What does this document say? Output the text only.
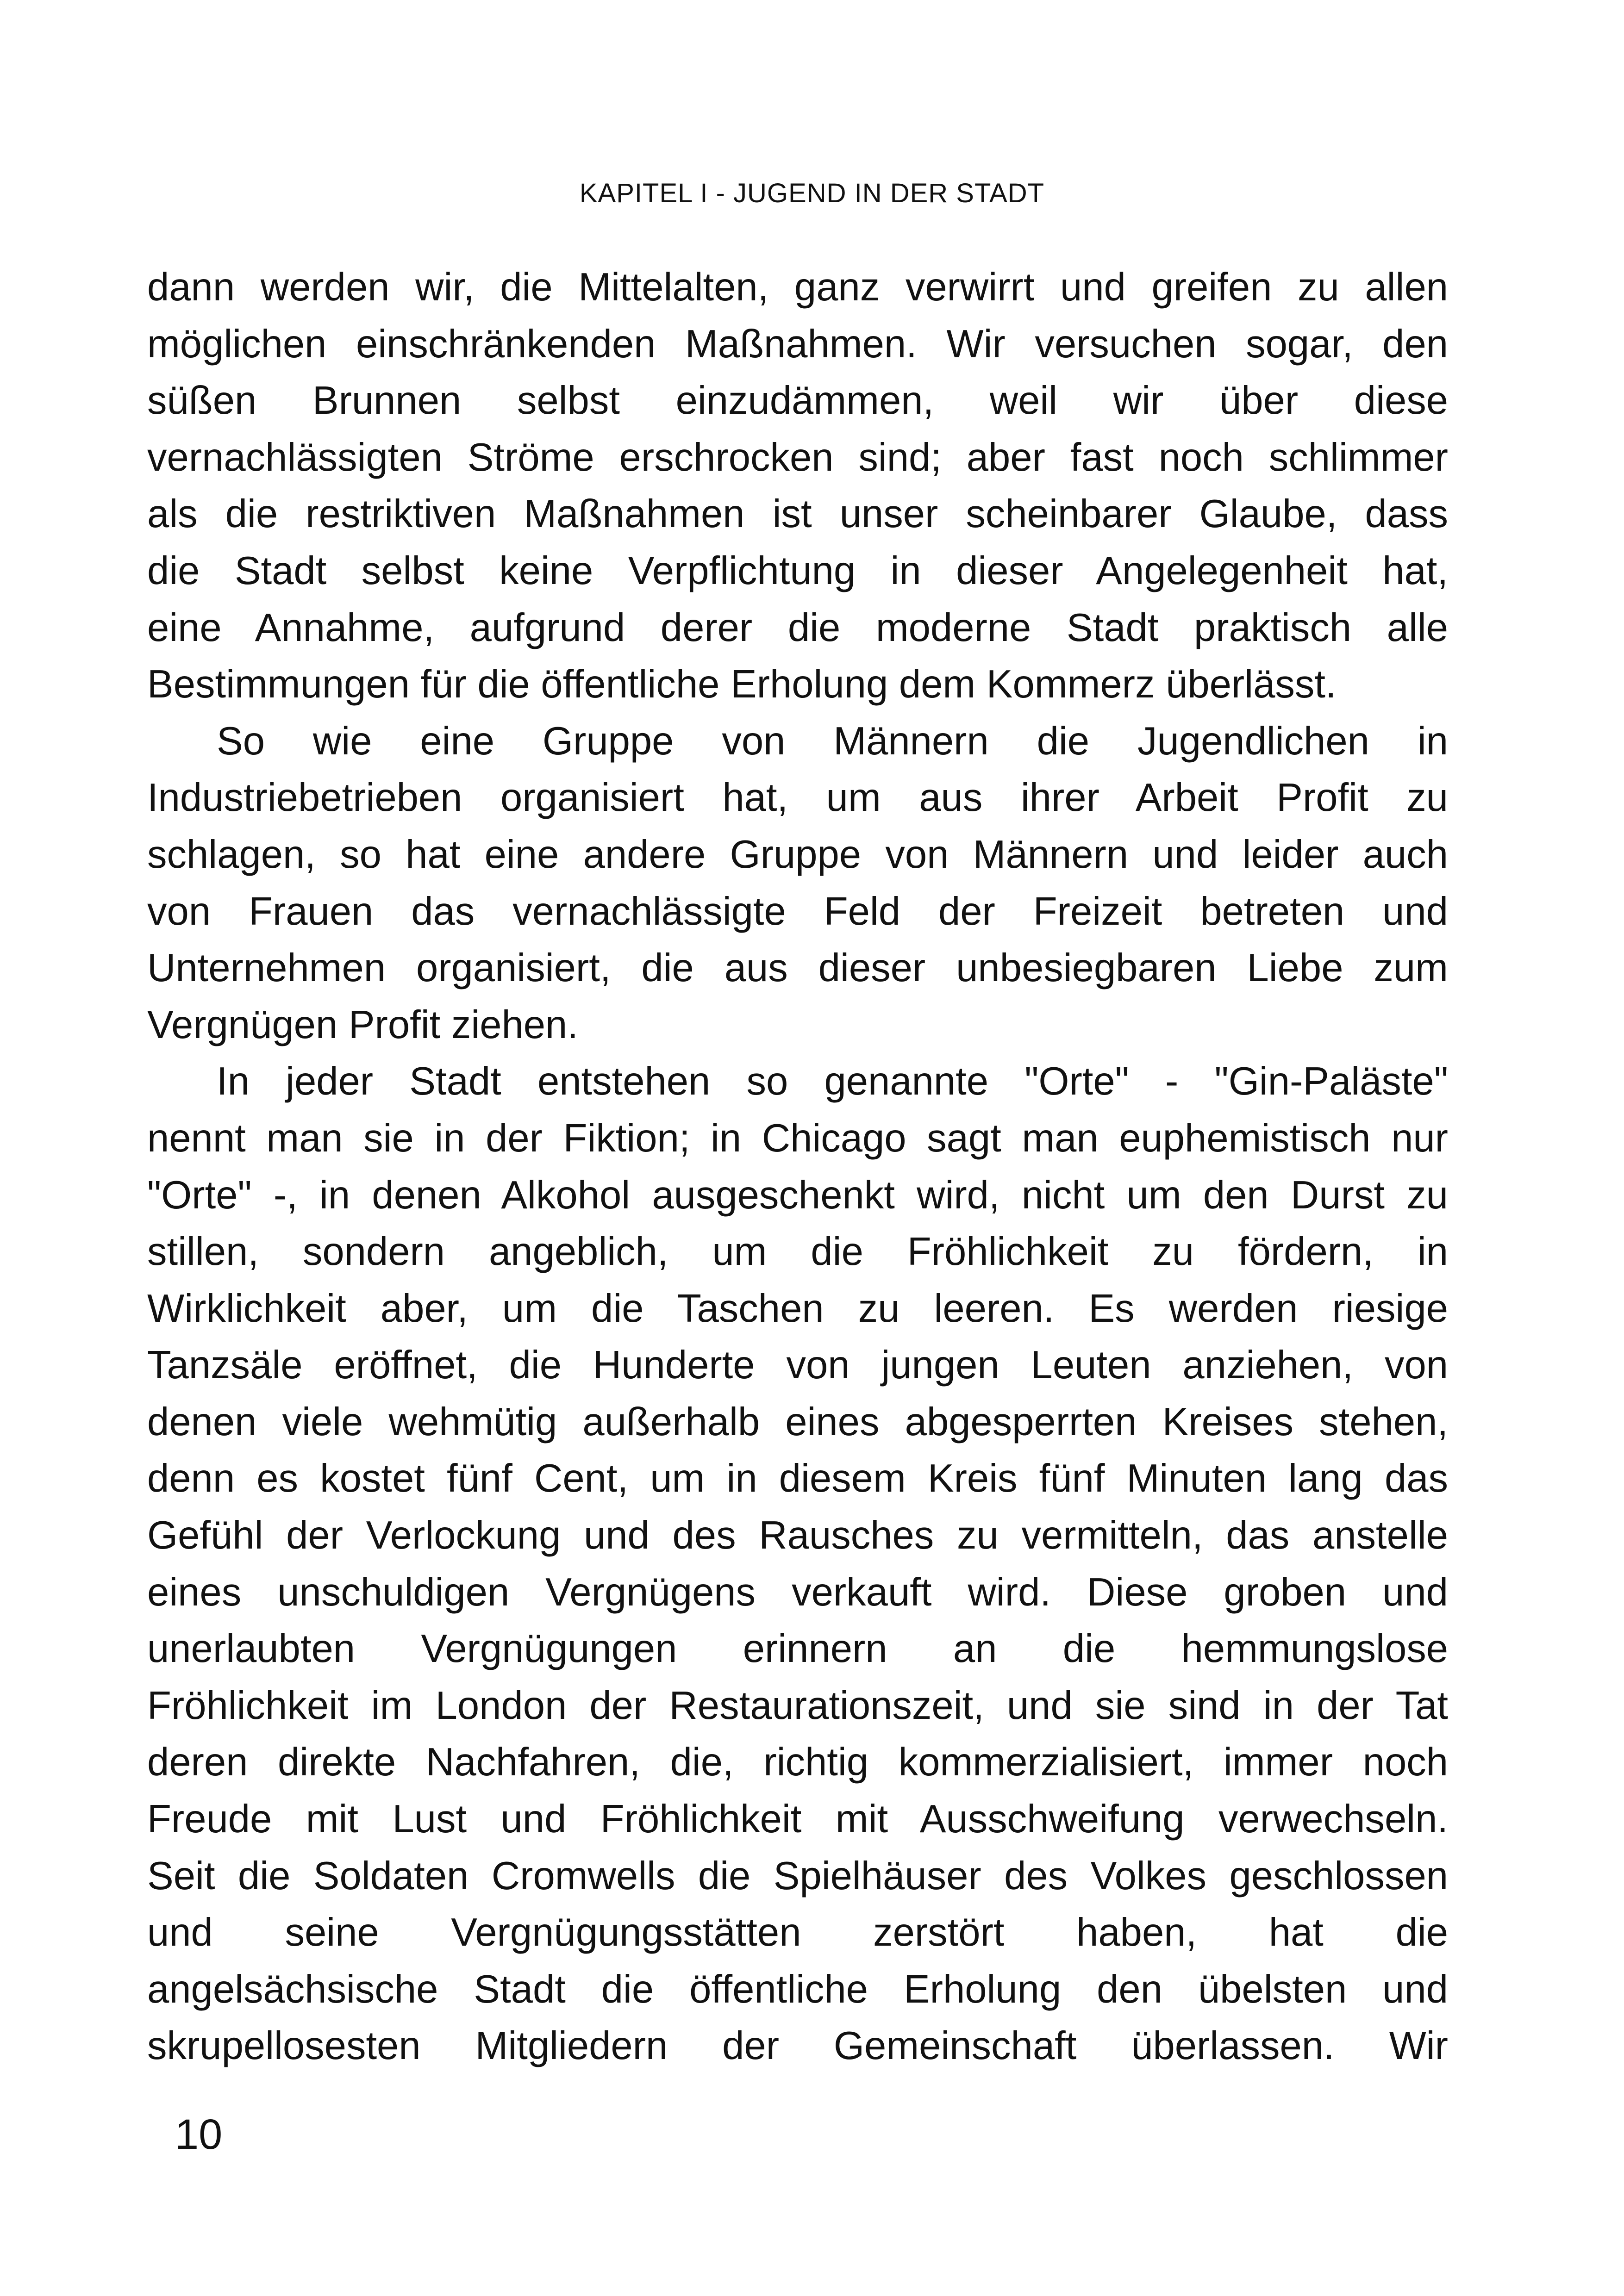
KAPITEL I - JUGEND IN DER STADT
dann werden wir, die Mittelalten, ganz verwirrt und greifen zu allen
möglichen einschränkenden Maßnahmen. Wir versuchen sogar, den
süßen Brunnen selbst einzudämmen, weil wir über diese
vernachlässigten Ströme erschrocken sind; aber fast noch schlimmer
als die restriktiven Maßnahmen ist unser scheinbarer Glaube, dass
die Stadt selbst keine Verpflichtung in dieser Angelegenheit hat,
eine Annahme, aufgrund derer die moderne Stadt praktisch alle
Bestimmungen für die öffentliche Erholung dem Kommerz überlässt.
So wie eine Gruppe von Männern die Jugendlichen in
Industriebetrieben organisiert hat, um aus ihrer Arbeit Profit zu
schlagen, so hat eine andere Gruppe von Männern und leider auch
von Frauen das vernachlässigte Feld der Freizeit betreten und
Unternehmen organisiert, die aus dieser unbesiegbaren Liebe zum
Vergnügen Profit ziehen.
In jeder Stadt entstehen so genannte "Orte" - "Gin-Paläste"
nennt man sie in der Fiktion; in Chicago sagt man euphemistisch nur
"Orte" -, in denen Alkohol ausgeschenkt wird, nicht um den Durst zu
stillen, sondern angeblich, um die Fröhlichkeit zu fördern, in
Wirklichkeit aber, um die Taschen zu leeren. Es werden riesige
Tanzsäle eröffnet, die Hunderte von jungen Leuten anziehen, von
denen viele wehmütig außerhalb eines abgesperrten Kreises stehen,
denn es kostet fünf Cent, um in diesem Kreis fünf Minuten lang das
Gefühl der Verlockung und des Rausches zu vermitteln, das anstelle
eines unschuldigen Vergnügens verkauft wird. Diese groben und
unerlaubten Vergnügungen erinnern an die hemmungslose
Fröhlichkeit im London der Restaurationszeit, und sie sind in der Tat
deren direkte Nachfahren, die, richtig kommerzialisiert, immer noch
Freude mit Lust und Fröhlichkeit mit Ausschweifung verwechseln.
Seit die Soldaten Cromwells die Spielhäuser des Volkes geschlossen
und seine Vergnügungsstätten zerstört haben, hat die
angelsächsische Stadt die öffentliche Erholung den übelsten und
skrupellosesten Mitgliedern der Gemeinschaft überlassen. Wir
10
